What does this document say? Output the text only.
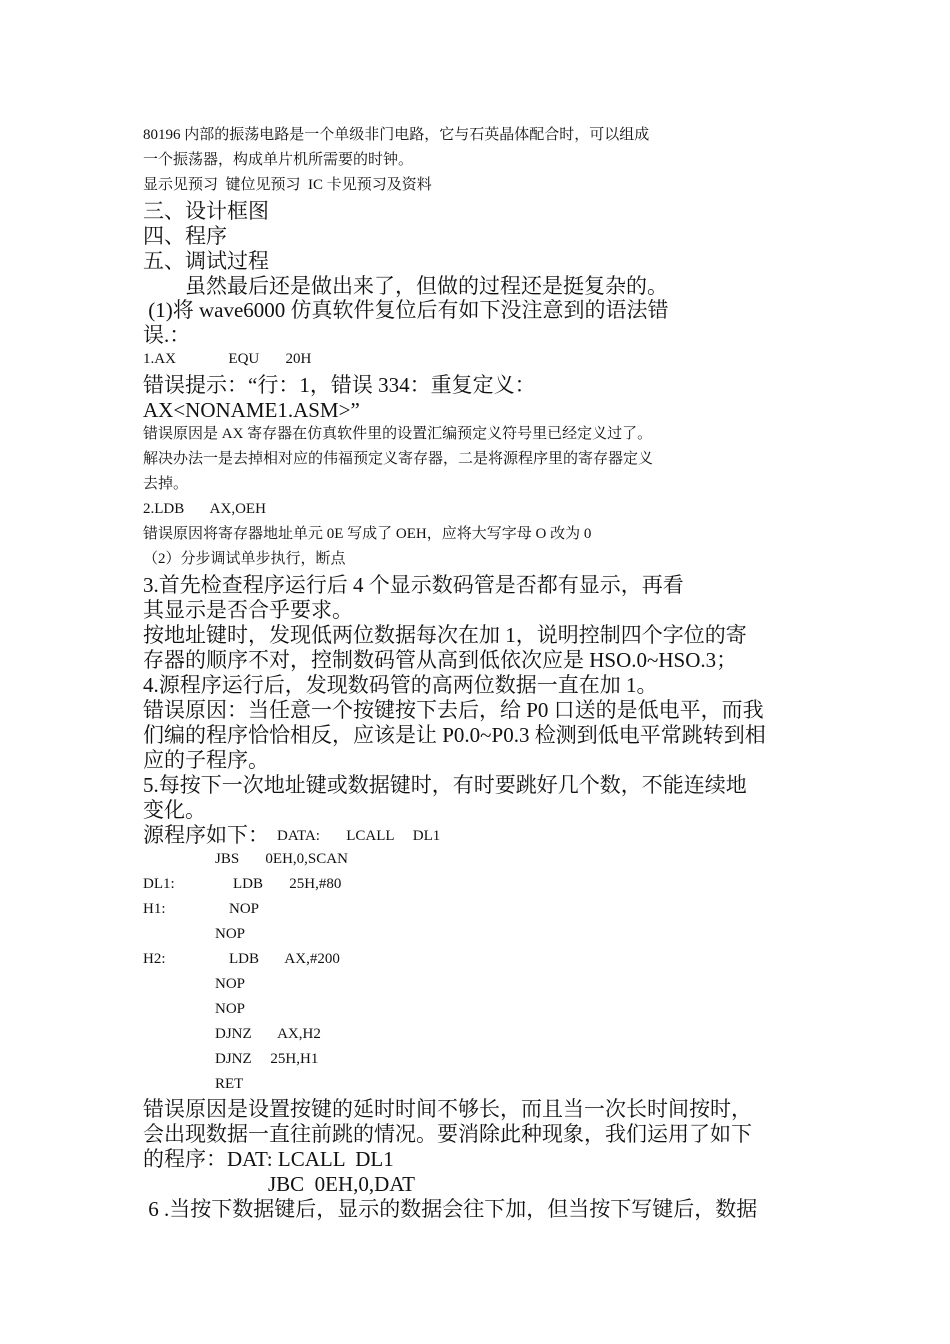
80196 内部的振荡电路是一个单级非门电路，它与石英晶体配合时，可以组成
一个振荡器，构成单片机所需要的时钟。
显示见预习  键位见预习  IC 卡见预习及资料
三、设计框图
四、程序
五、调试过程
虽然最后还是做出来了，但做的过程还是挺复杂的。
(1)将 wave6000 仿真软件复位后有如下没注意到的语法错
误.：
1.AX              EQU       20H
错误提示：“行：1，错误 334：重复定义：
AX<NONAME1.ASM>”
错误原因是 AX 寄存器在仿真软件里的设置汇编预定义符号里已经定义过了。
解决办法一是去掉相对应的伟福预定义寄存器，二是将源程序里的寄存器定义
去掉。
2.LDB       AX,OEH
错误原因将寄存器地址单元 0E 写成了 OEH，应将大写字母 O 改为 0
（2）分步调试单步执行，断点
3.首先检查程序运行后 4 个显示数码管是否都有显示，再看
其显示是否合乎要求。
按地址键时，发现低两位数据每次在加 1，说明控制四个字位的寄
存器的顺序不对，控制数码管从高到低依次应是 HSO.0~HSO.3；
4.源程序运行后，发现数码管的高两位数据一直在加 1。
错误原因：当任意一个按键按下去后，给 P0 口送的是低电平，而我
们编的程序恰恰相反，应该是让 P0.0~P0.3 检测到低电平常跳转到相
应的子程序。
5.每按下一次地址键或数据键时，有时要跳好几个数，不能连续地
变化。
源程序如下： DATA:       LCALL     DL1
JBS       0EH,0,SCAN
DL1:	LDB       25H,#80
H1:	NOP
NOP
H2:	LDB       AX,#200
NOP
NOP
DJNZ       AX,H2
DJNZ     25H,H1
RET
错误原因是设置按键的延时时间不够长，而且当一次长时间按时，
会出现数据一直往前跳的情况。要消除此种现象，我们运用了如下
的程序：DAT: LCALL  DL1
JBC  0EH,0,DAT
6 .当按下数据键后，显示的数据会往下加，但当按下写键后，数据
